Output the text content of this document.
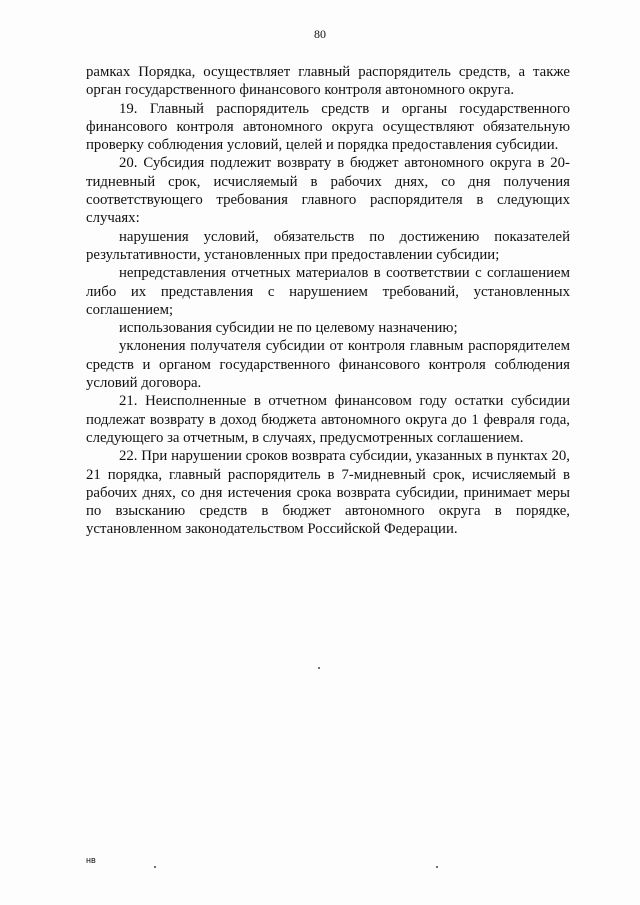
80

рамках Порядка, осуществляет главный распорядитель средств, а также орган государственного финансового контроля автономного округа.

19. Главный распорядитель средств и органы государственного финансового контроля автономного округа осуществляют обязательную проверку соблюдения условий, целей и порядка предоставления субсидии.

20. Субсидия подлежит возврату в бюджет автономного округа в 20-тидневный срок, исчисляемый в рабочих днях, со дня получения соответствующего требования главного распорядителя в следующих случаях:

нарушения условий, обязательств по достижению показателей результативности, установленных при предоставлении субсидии;

непредставления отчетных материалов в соответствии с соглашением либо их представления с нарушением требований, установленных соглашением;

использования субсидии не по целевому назначению;

уклонения получателя субсидии от контроля главным распорядителем средств и органом государственного финансового контроля соблюдения условий договора.

21. Неисполненные в отчетном финансовом году остатки субсидии подлежат возврату в доход бюджета автономного округа до 1 февраля года, следующего за отчетным, в случаях, предусмотренных соглашением.

22. При нарушении сроков возврата субсидии, указанных в пунктах 20, 21 порядка, главный распорядитель в 7-мидневный срок, исчисляемый в рабочих днях, со дня истечения срока возврата субсидии, принимает меры по взысканию средств в бюджет автономного округа в порядке, установленном законодательством Российской Федерации.

нв
